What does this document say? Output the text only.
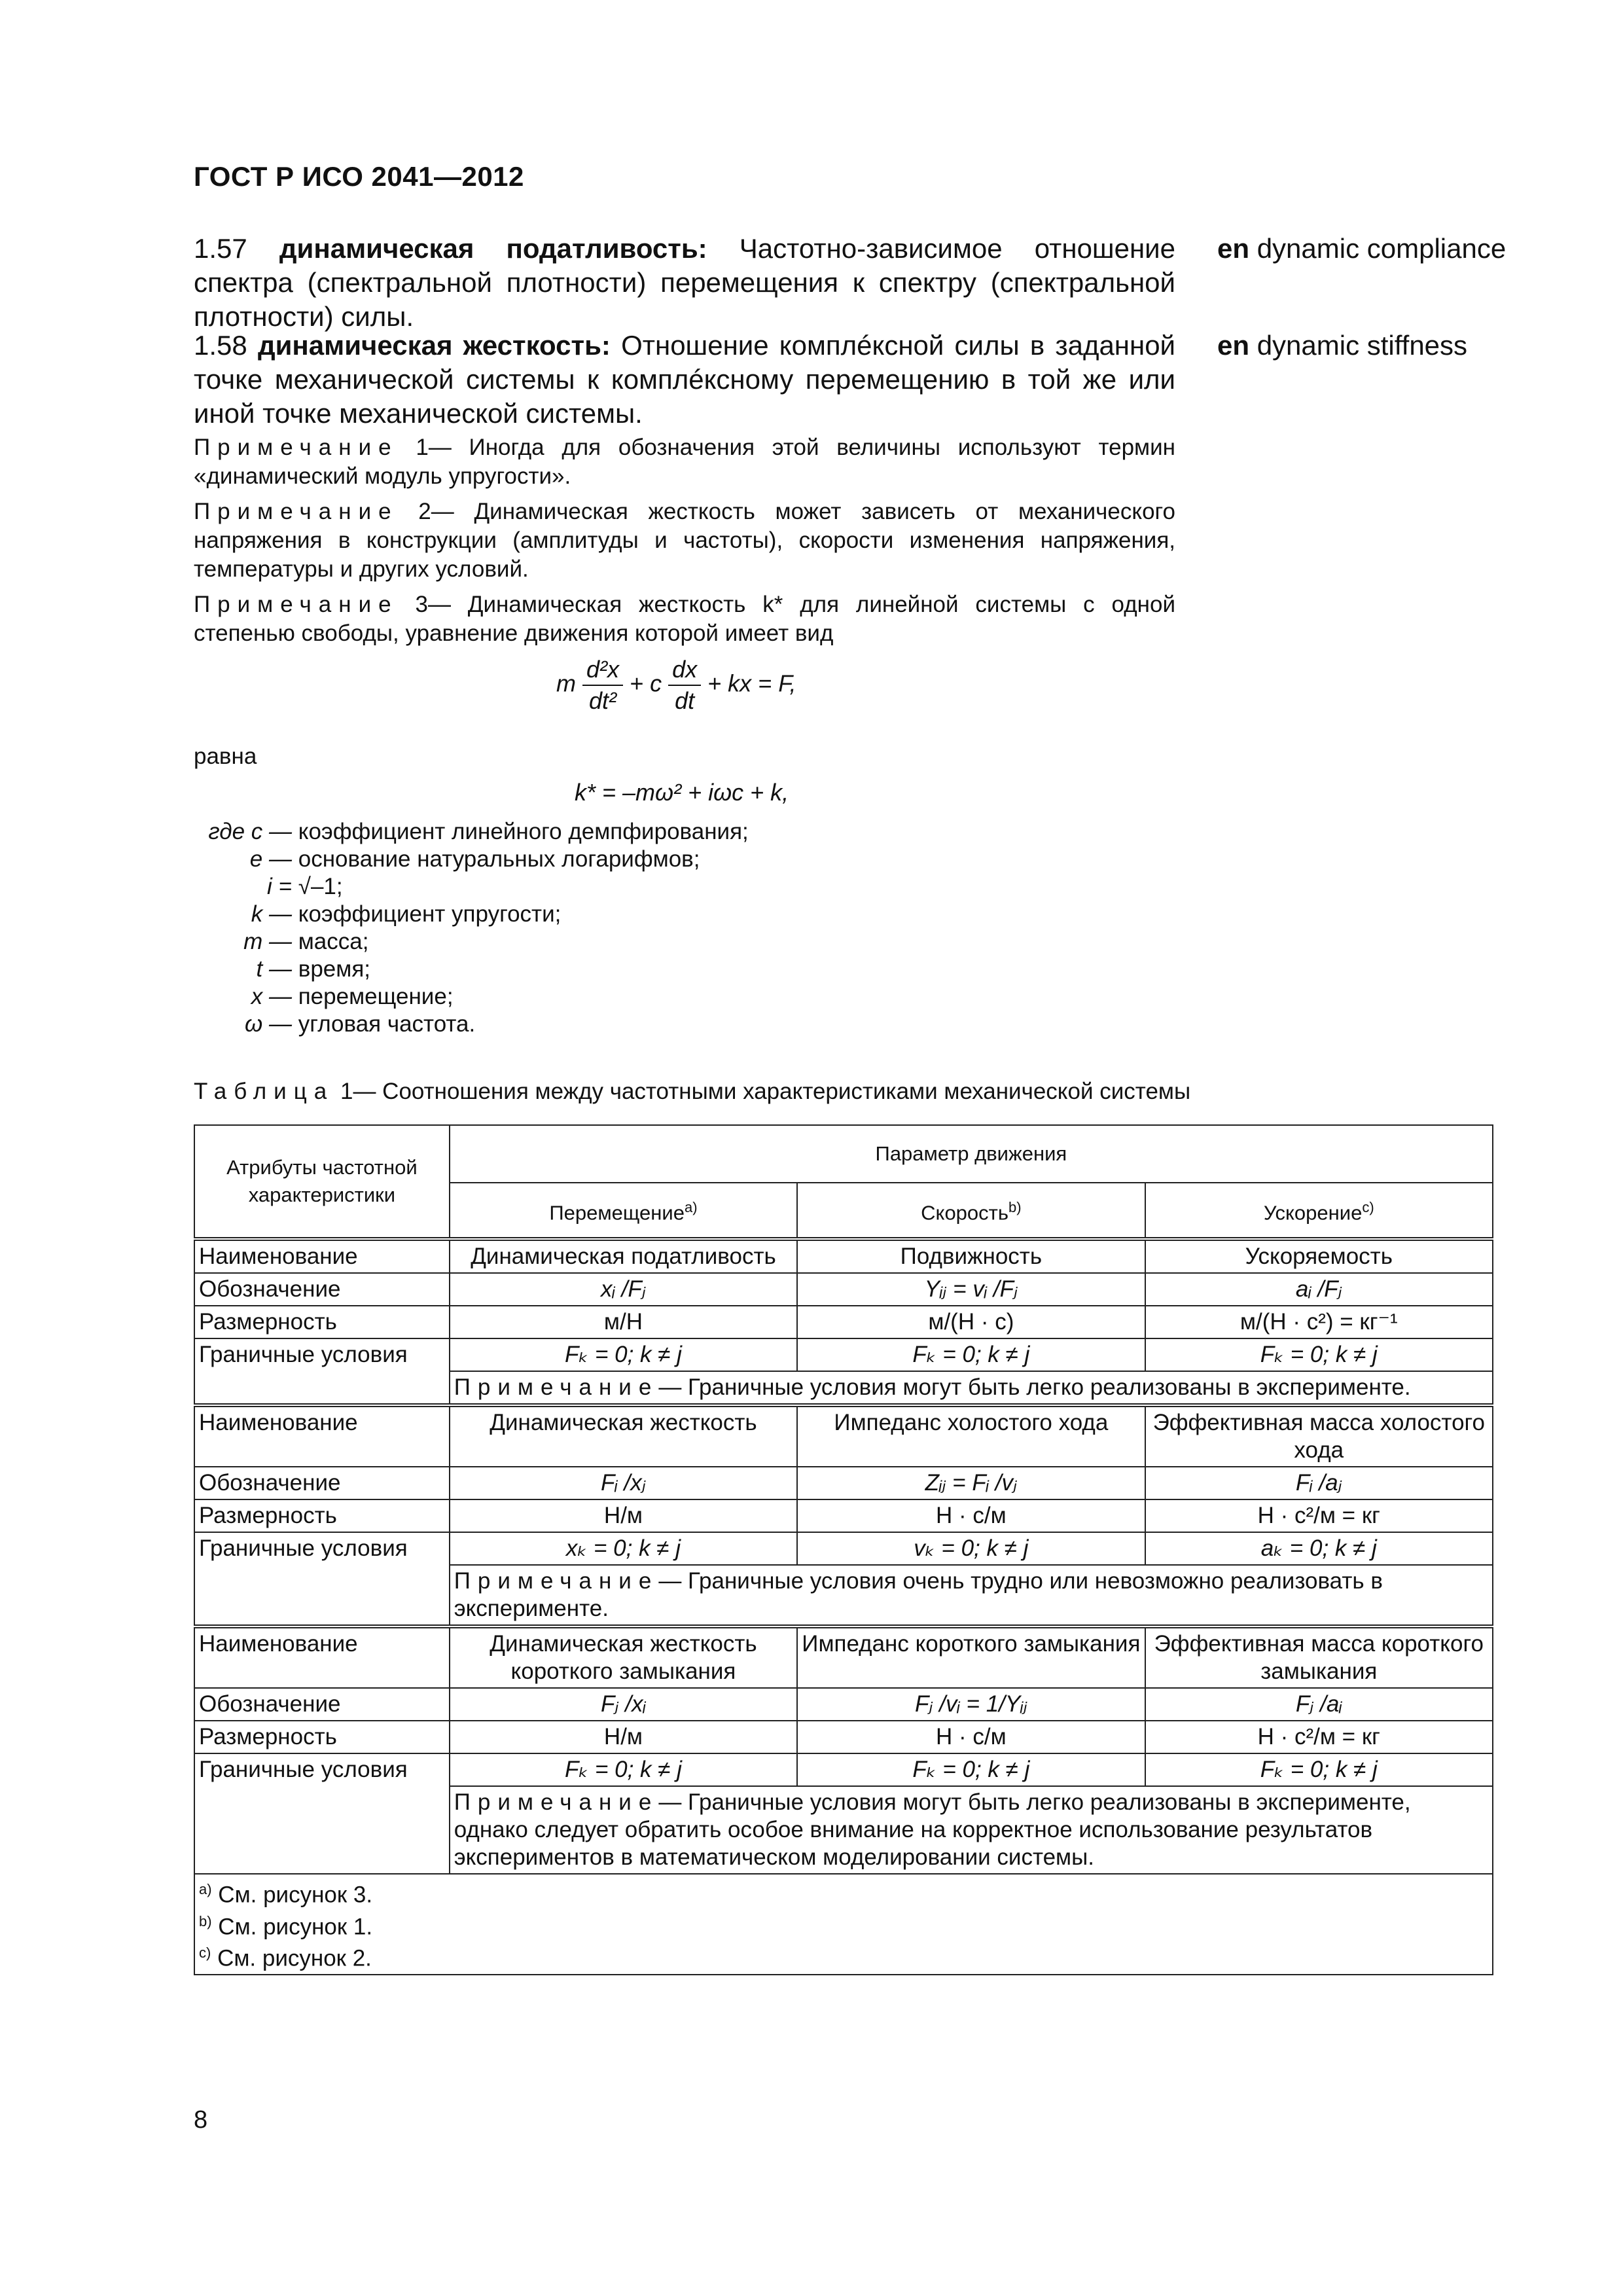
ГОСТ Р ИСО 2041—2012
1.57 динамическая податливость: Частотно-зависимое отношение спектра (спектральной плотности) перемещения к спектру (спектральной плотности) силы.
en dynamic compliance
1.58 динамическая жесткость: Отношение комплéксной силы в заданной точке механической системы к комплéксному перемещению в той же или иной точке механической системы.
en dynamic stiffness
Примечание 1— Иногда для обозначения этой величины используют термин «динамический модуль упругости».
Примечание 2— Динамическая жесткость может зависеть от механического напряжения в конструкции (амплитуды и частоты), скорости изменения напряжения, температуры и других условий.
Примечание 3— Динамическая жесткость k* для линейной системы с одной степенью свободы, уравнение движения которой имеет вид
m $\frac{\text{d²x}}{\text{dt²}} + c \frac{dx}{dt}$ + kx = F,
равна
k* = –mω² + iωc + k,
где c — коэффициент линейного демпфирования;
e — основание натуральных логарифмов;
i = √–1;
k — коэффициент упругости;
m — масса;
t — время;
x — перемещение;
ω — угловая частота.
Таблица 1— Соотношения между частотными характеристиками механической системы
Атрибуты частотной характеристики	Параметр движения		
	Перемещение$^{a)}$	Скорость$^{b)}$	Ускорение$^{c)}$
Наименование	Динамическая податливость	Подвижность	Ускоряемость
Обозначение	xᵢ /Fⱼ	Yᵢⱼ = vᵢ /Fⱼ	aᵢ /Fⱼ
Размерность	м/Н	м/(Н · с)	м/(Н · с²) = кг⁻¹
Граничные условия	Fₖ = 0; k ≠ j	Fₖ = 0; k ≠ j	Fₖ = 0; k ≠ j
	Примечание— Граничные условия могут быть легко реализованы в эксперименте.		
Наименование	Динамическая жесткость	Импеданс холостого хода	Эффективная масса холостого хода
Обозначение	Fᵢ /xⱼ	Zᵢⱼ = Fᵢ /vⱼ	Fᵢ /aⱼ
Размерность	Н/м	Н · с/м	Н · с²/м = кг
Граничные условия	xₖ = 0; k ≠ j	vₖ = 0; k ≠ j	aₖ = 0; k ≠ j
	Примечание— Граничные условия очень трудно или невозможно реализовать в эксперименте.		
Наименование	Динамическая жесткость короткого замыкания	Импеданс короткого замыкания	Эффективная масса короткого замыкания
Обозначение	Fⱼ /xᵢ	Fⱼ /vᵢ = 1/Yᵢⱼ	Fⱼ /aᵢ
Размерность	Н/м	Н · с/м	Н · с²/м = кг
Граничные условия	Fₖ = 0; k ≠ j	Fₖ = 0; k ≠ j	Fₖ = 0; k ≠ j
	Примечание— Граничные условия могут быть легко реализованы в эксперименте, однако следует обратить особое внимание на корректное использование результатов экспериментов в математическом моделировании системы.		

$^{a)}$ См. рисунок 3.
$^{b)}$ См. рисунок 1.
$^{c)}$ См. рисунок 2.			
8
